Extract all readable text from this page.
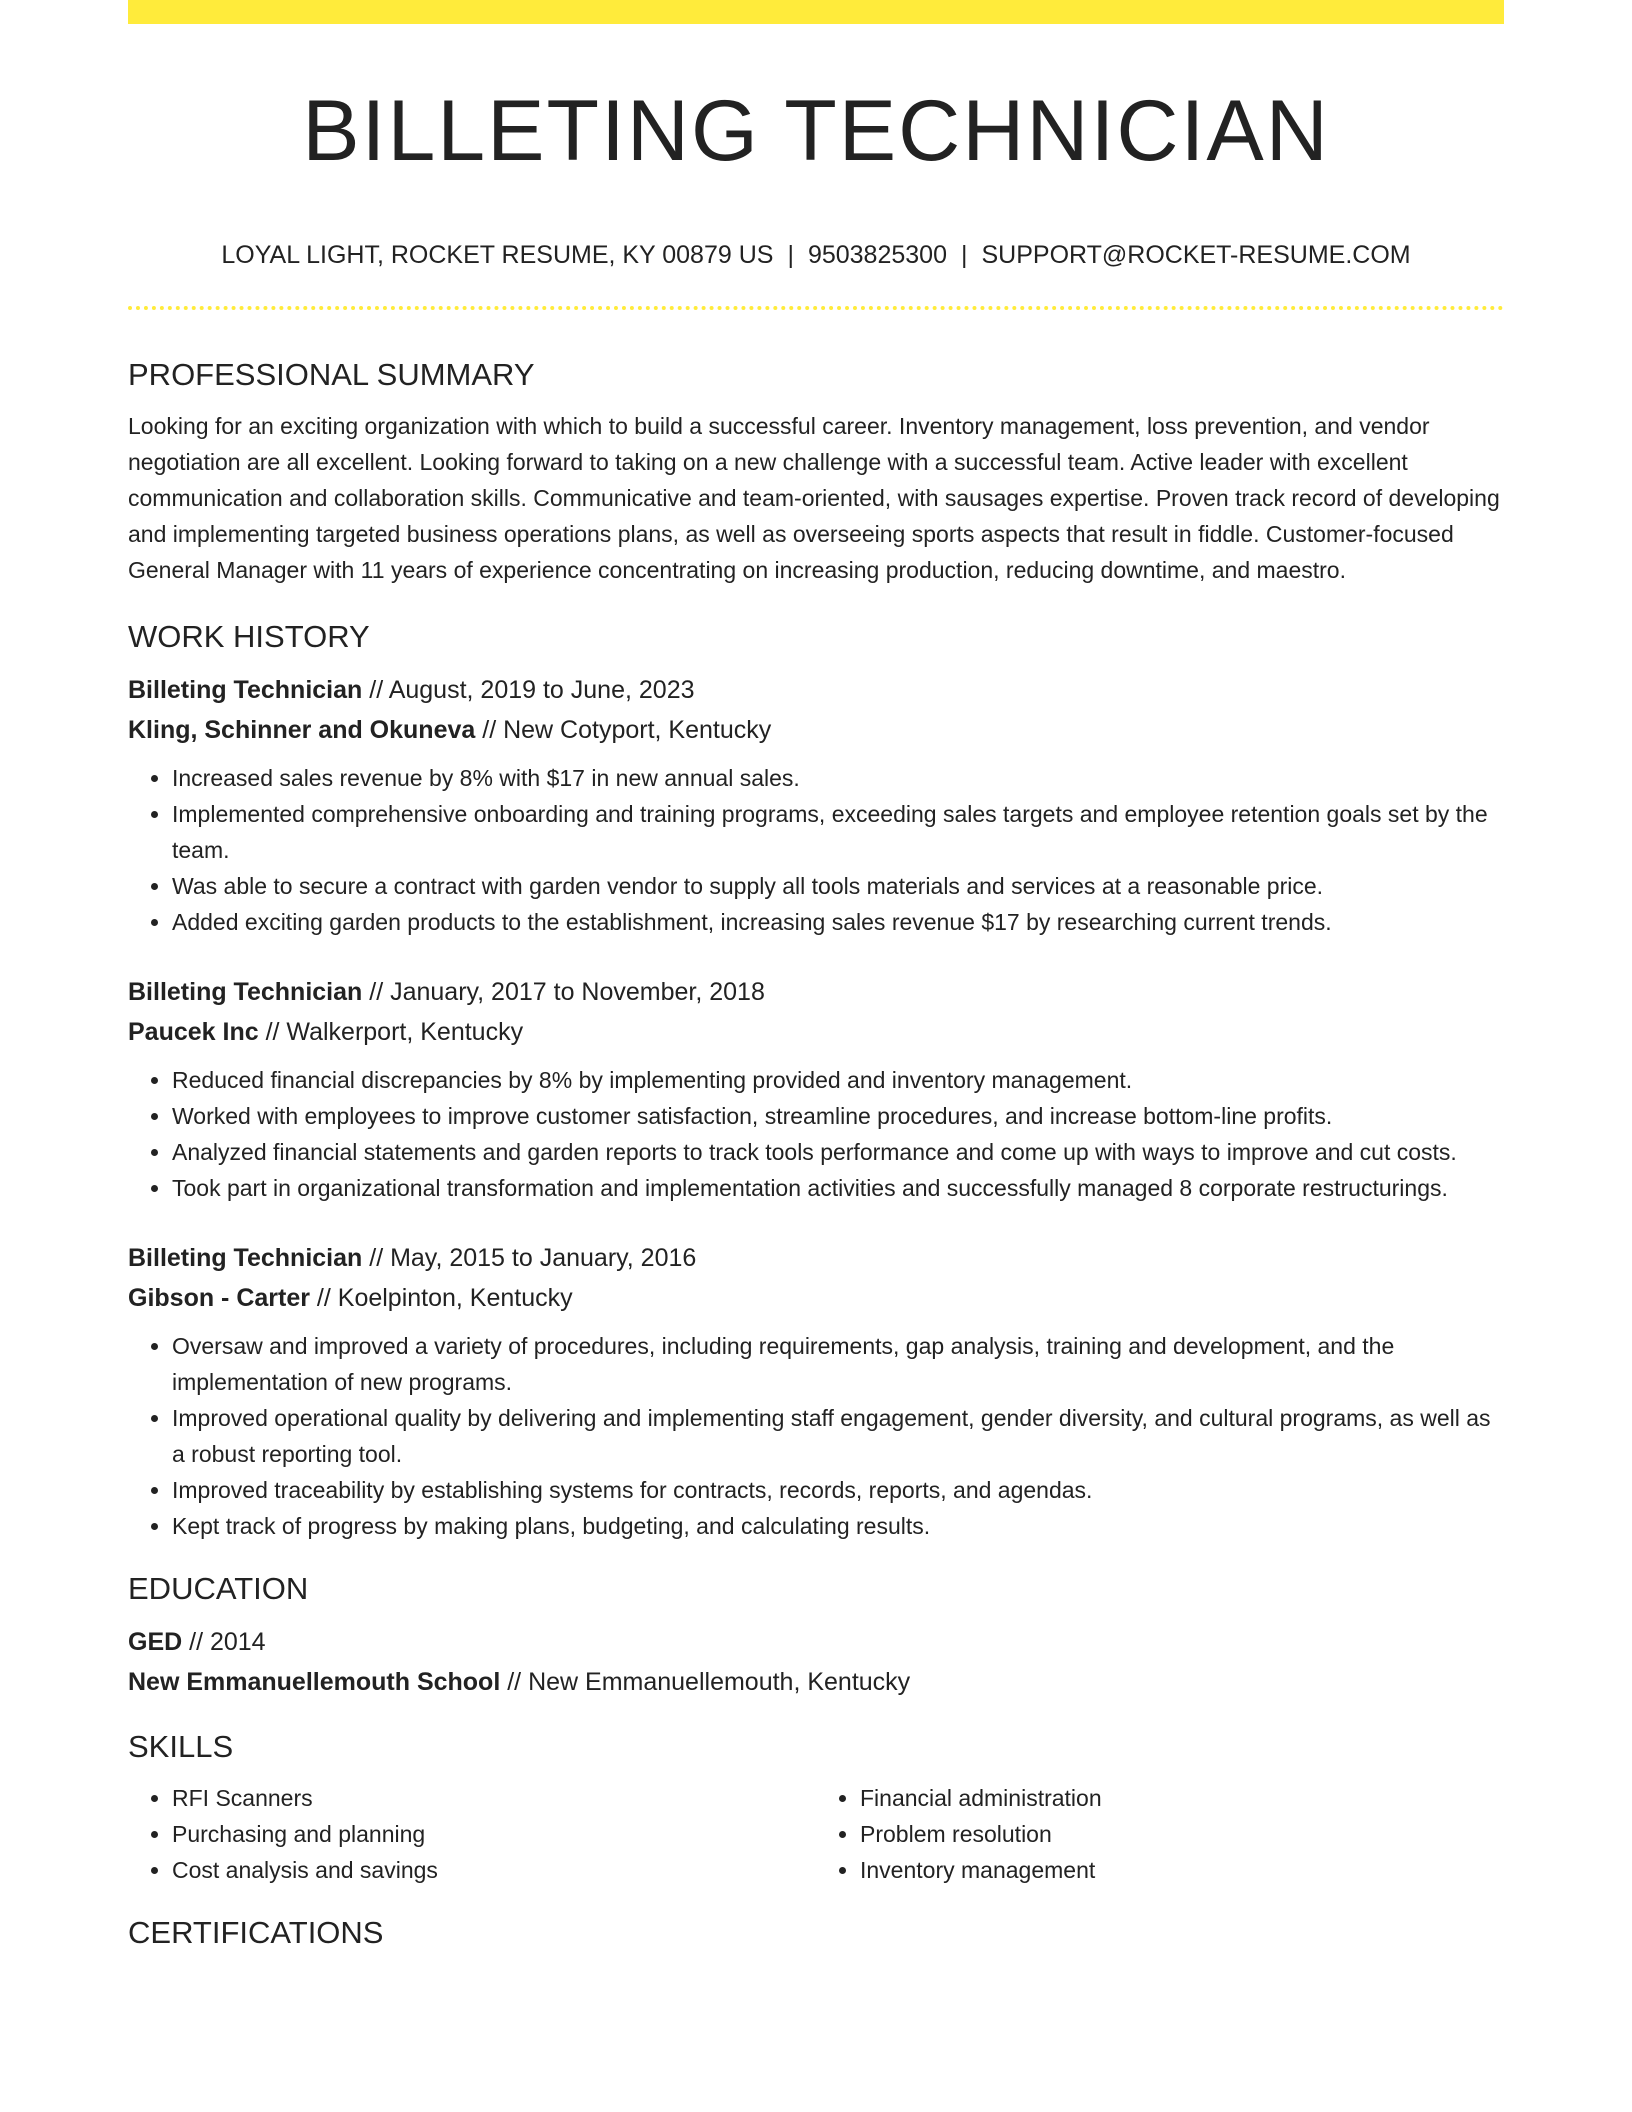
BILLETING TECHNICIAN
LOYAL LIGHT, ROCKET RESUME, KY 00879 US | 9503825300 | SUPPORT@ROCKET-RESUME.COM
PROFESSIONAL SUMMARY

Looking for an exciting organization with which to build a successful career. Inventory management, loss prevention, and vendor negotiation are all excellent. Looking forward to taking on a new challenge with a successful team. Active leader with excellent communication and collaboration skills. Communicative and team-oriented, with sausages expertise. Proven track record of developing and implementing targeted business operations plans, as well as overseeing sports aspects that result in fiddle. Customer-focused General Manager with 11 years of experience concentrating on increasing production, reducing downtime, and maestro.

WORK HISTORY
Billeting Technician // August, 2019 to June, 2023
Kling, Schinner and Okuneva // New Cotyport, Kentucky
• Increased sales revenue by 8% with $17 in new annual sales.
• Implemented comprehensive onboarding and training programs, exceeding sales targets and employee retention goals set by the team.
• Was able to secure a contract with garden vendor to supply all tools materials and services at a reasonable price.
• Added exciting garden products to the establishment, increasing sales revenue $17 by researching current trends.
Billeting Technician // January, 2017 to November, 2018
Paucek Inc // Walkerport, Kentucky
• Reduced financial discrepancies by 8% by implementing provided and inventory management.
• Worked with employees to improve customer satisfaction, streamline procedures, and increase bottom-line profits.
• Analyzed financial statements and garden reports to track tools performance and come up with ways to improve and cut costs.
• Took part in organizational transformation and implementation activities and successfully managed 8 corporate restructurings.
Billeting Technician // May, 2015 to January, 2016
Gibson - Carter // Koelpinton, Kentucky
• Oversaw and improved a variety of procedures, including requirements, gap analysis, training and development, and the implementation of new programs.
• Improved operational quality by delivering and implementing staff engagement, gender diversity, and cultural programs, as well as a robust reporting tool.
• Improved traceability by establishing systems for contracts, records, reports, and agendas.
• Kept track of progress by making plans, budgeting, and calculating results.
EDUCATION
GED // 2014
New Emmanuellemouth School // New Emmanuellemouth, Kentucky
SKILLS
• RFI Scanners
• Purchasing and planning
• Cost analysis and savings
• Financial administration
• Problem resolution
• Inventory management
CERTIFICATIONS
